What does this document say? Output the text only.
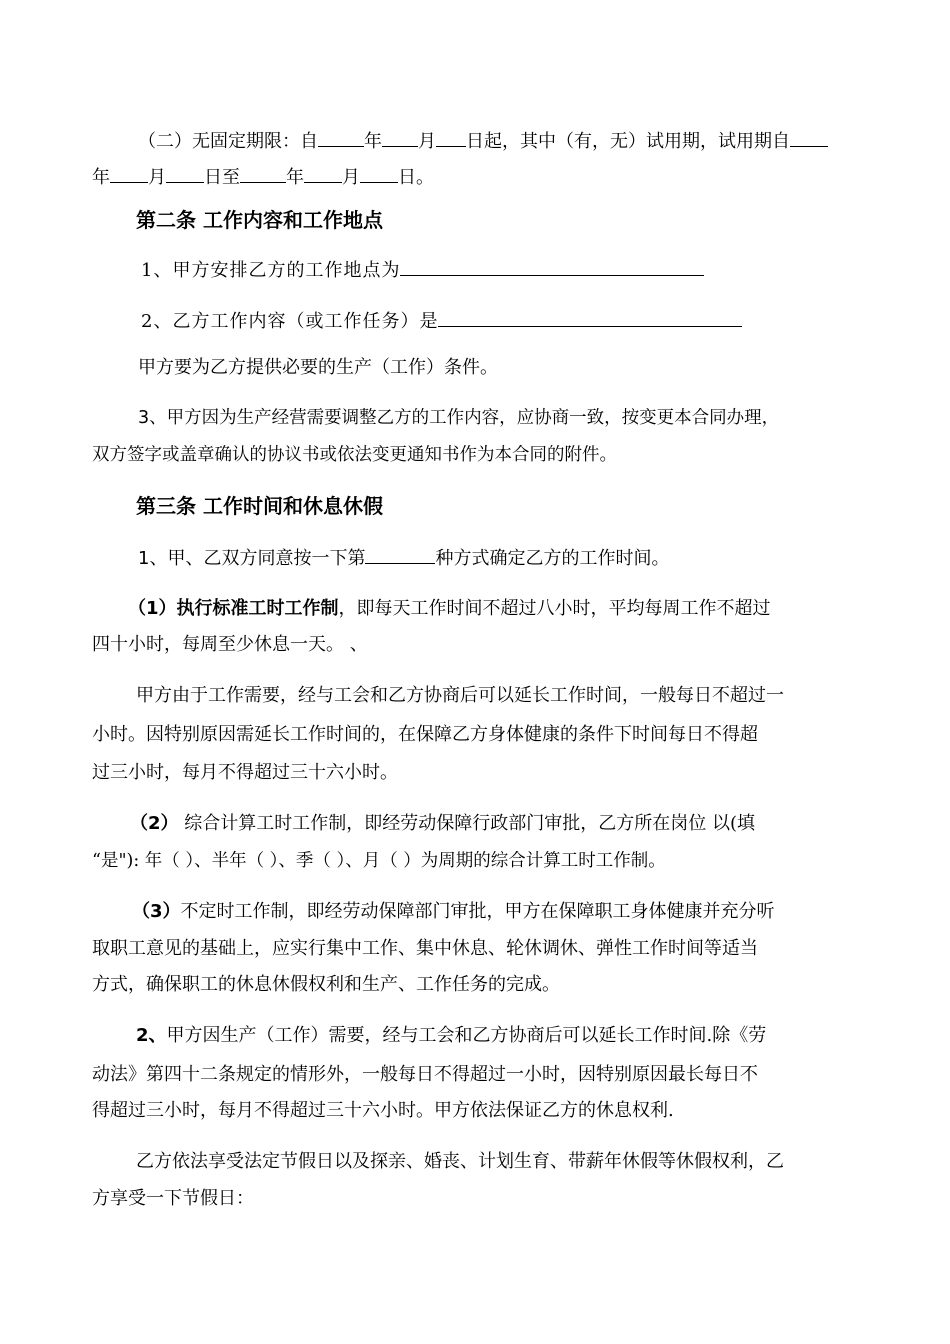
（二）无固定期限：自	年 月 日起，其中（有，无）试用期，试用期自
年 月 日至	年 月 日。
第二条 工作内容和工作地点
1、甲方安排乙方的工作地点为
2、乙方工作内容（或工作任务）是
甲方要为乙方提供必要的生产（工作）条件。
3、甲方因为生产经营需要调整乙方的工作内容，应协商一致，按变更本合同办理，
双方签字或盖章确认的协议书或依法变更通知书作为本合同的附件。
第三条 工作时间和休息休假
1、甲、乙双方同意按一下第	种方式确定乙方的工作时间。
（1）执行标准工时工作制，即每天工作时间不超过八小时，平均每周工作不超过
四十小时，每周至少休息一天。 、
甲方由于工作需要，经与工会和乙方协商后可以延长工作时间，一般每日不超过一
小时。因特别原因需延长工作时间的，在保障乙方身体健康的条件下时间每日不得超
过三小时，每月不得超过三十六小时。
（2） 综合计算工时工作制，即经劳动保障行政部门审批，乙方所在岗位 以(填
“是"): 年（ ）、半年（ ）、季（ ）、月（ ）为周期的综合计算工时工作制。
（3）不定时工作制，即经劳动保障部门审批，甲方在保障职工身体健康并充分听
取职工意见的基础上，应实行集中工作、集中休息、轮休调休、弹性工作时间等适当
方式，确保职工的休息休假权利和生产、工作任务的完成。
2、甲方因生产（工作）需要，经与工会和乙方协商后可以延长工作时间.除《劳
动法》第四十二条规定的情形外，一般每日不得超过一小时，因特别原因最长每日不
得超过三小时，每月不得超过三十六小时。甲方依法保证乙方的休息权利.
乙方依法享受法定节假日以及探亲、婚丧、计划生育、带薪年休假等休假权利，乙
方享受一下节假日：
